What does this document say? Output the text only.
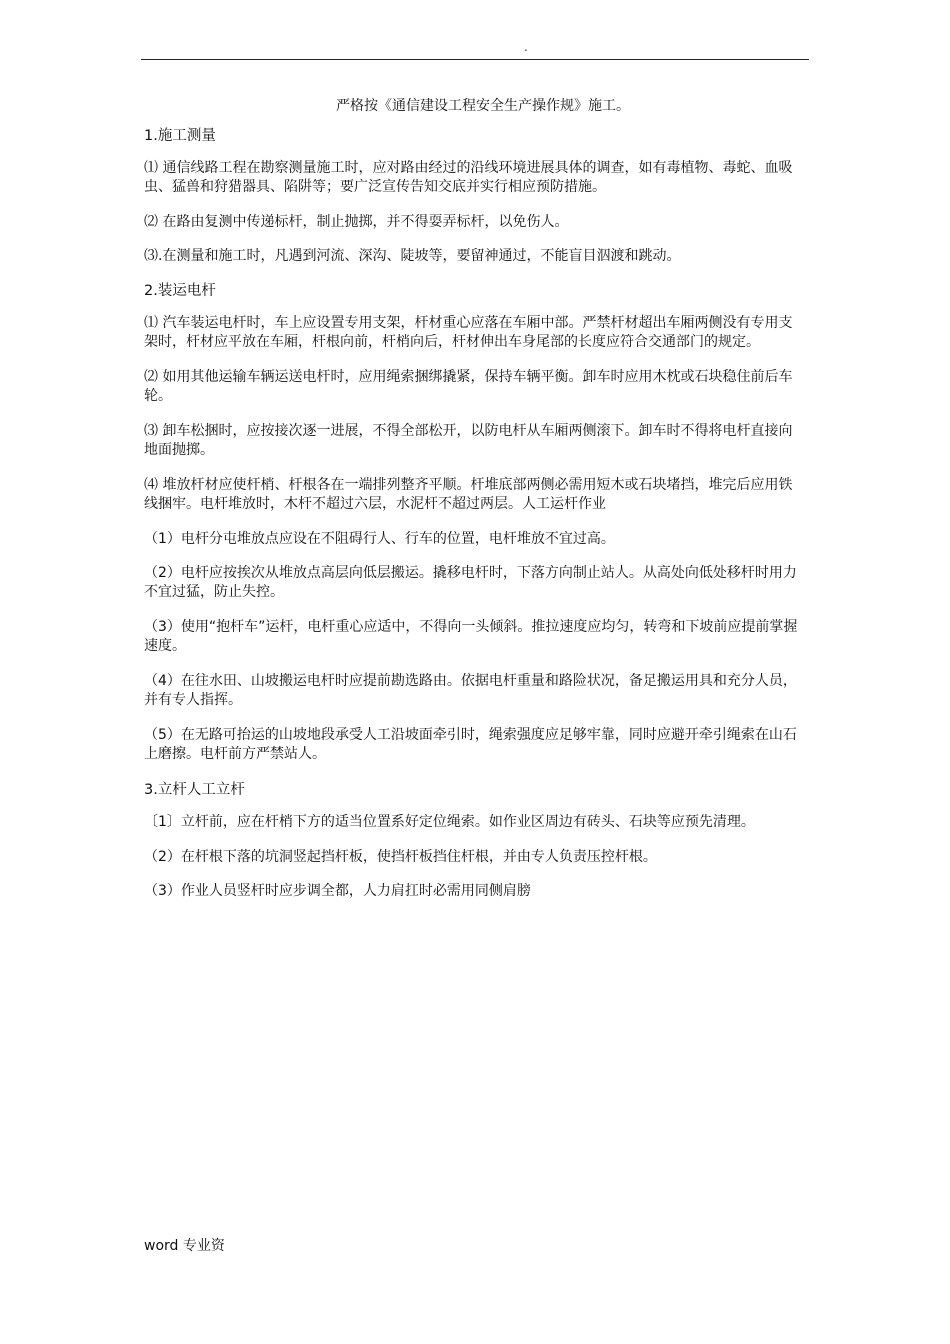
.
严格按《通信建设工程安全生产操作规》施工。
1.施工测量
⑴ 通信线路工程在勘察测量施工时，应对路由经过的沿线环境进展具体的调查，如有毒植物、毒蛇、血吸虫、猛兽和狩猎器具、陷阱等；要广泛宣传告知交底并实行相应预防措施。
⑵ 在路由复测中传递标杆，制止抛掷，并不得耍弄标杆，以免伤人。
⑶.在测量和施工时，凡遇到河流、深沟、陡坡等，要留神通过，不能盲目泅渡和跳动。
2.装运电杆
⑴ 汽车装运电杆时，车上应设置专用支架，杆材重心应落在车厢中部。严禁杆材超出车厢两侧没有专用支架时，杆材应平放在车厢，杆根向前，杆梢向后，杆材伸出车身尾部的长度应符合交通部门的规定。
⑵ 如用其他运输车辆运送电杆时，应用绳索捆绑撬紧，保持车辆平衡。卸车时应用木枕或石块稳住前后车轮。
⑶ 卸车松捆时，应按接次逐一进展，不得全部松开，以防电杆从车厢两侧滚下。卸车时不得将电杆直接向地面抛掷。
⑷ 堆放杆材应使杆梢、杆根各在一端排列整齐平顺。杆堆底部两侧必需用短木或石块堵挡，堆完后应用铁线捆牢。电杆堆放时，木杆不超过六层，水泥杆不超过两层。人工运杆作业
（1）电杆分屯堆放点应设在不阻碍行人、行车的位置，电杆堆放不宜过高。
（2）电杆应按挨次从堆放点高层向低层搬运。撬移电杆时，下落方向制止站人。从高处向低处移杆时用力不宜过猛，防止失控。
（3）使用“抱杆车”运杆，电杆重心应适中，不得向一头倾斜。推拉速度应均匀，转弯和下坡前应提前掌握速度。
（4）在往水田、山坡搬运电杆时应提前勘选路由。依据电杆重量和路险状况，备足搬运用具和充分人员，并有专人指挥。
（5）在无路可抬运的山坡地段承受人工沿坡面牵引时，绳索强度应足够牢靠，同时应避开牵引绳索在山石上磨擦。电杆前方严禁站人。
3.立杆人工立杆
〔1〕立杆前，应在杆梢下方的适当位置系好定位绳索。如作业区周边有砖头、石块等应预先清理。
（2）在杆根下落的坑洞竖起挡杆板，使挡杆板挡住杆根，并由专人负责压控杆根。
（3）作业人员竖杆时应步调全都，人力肩扛时必需用同侧肩膀
word 专业资
